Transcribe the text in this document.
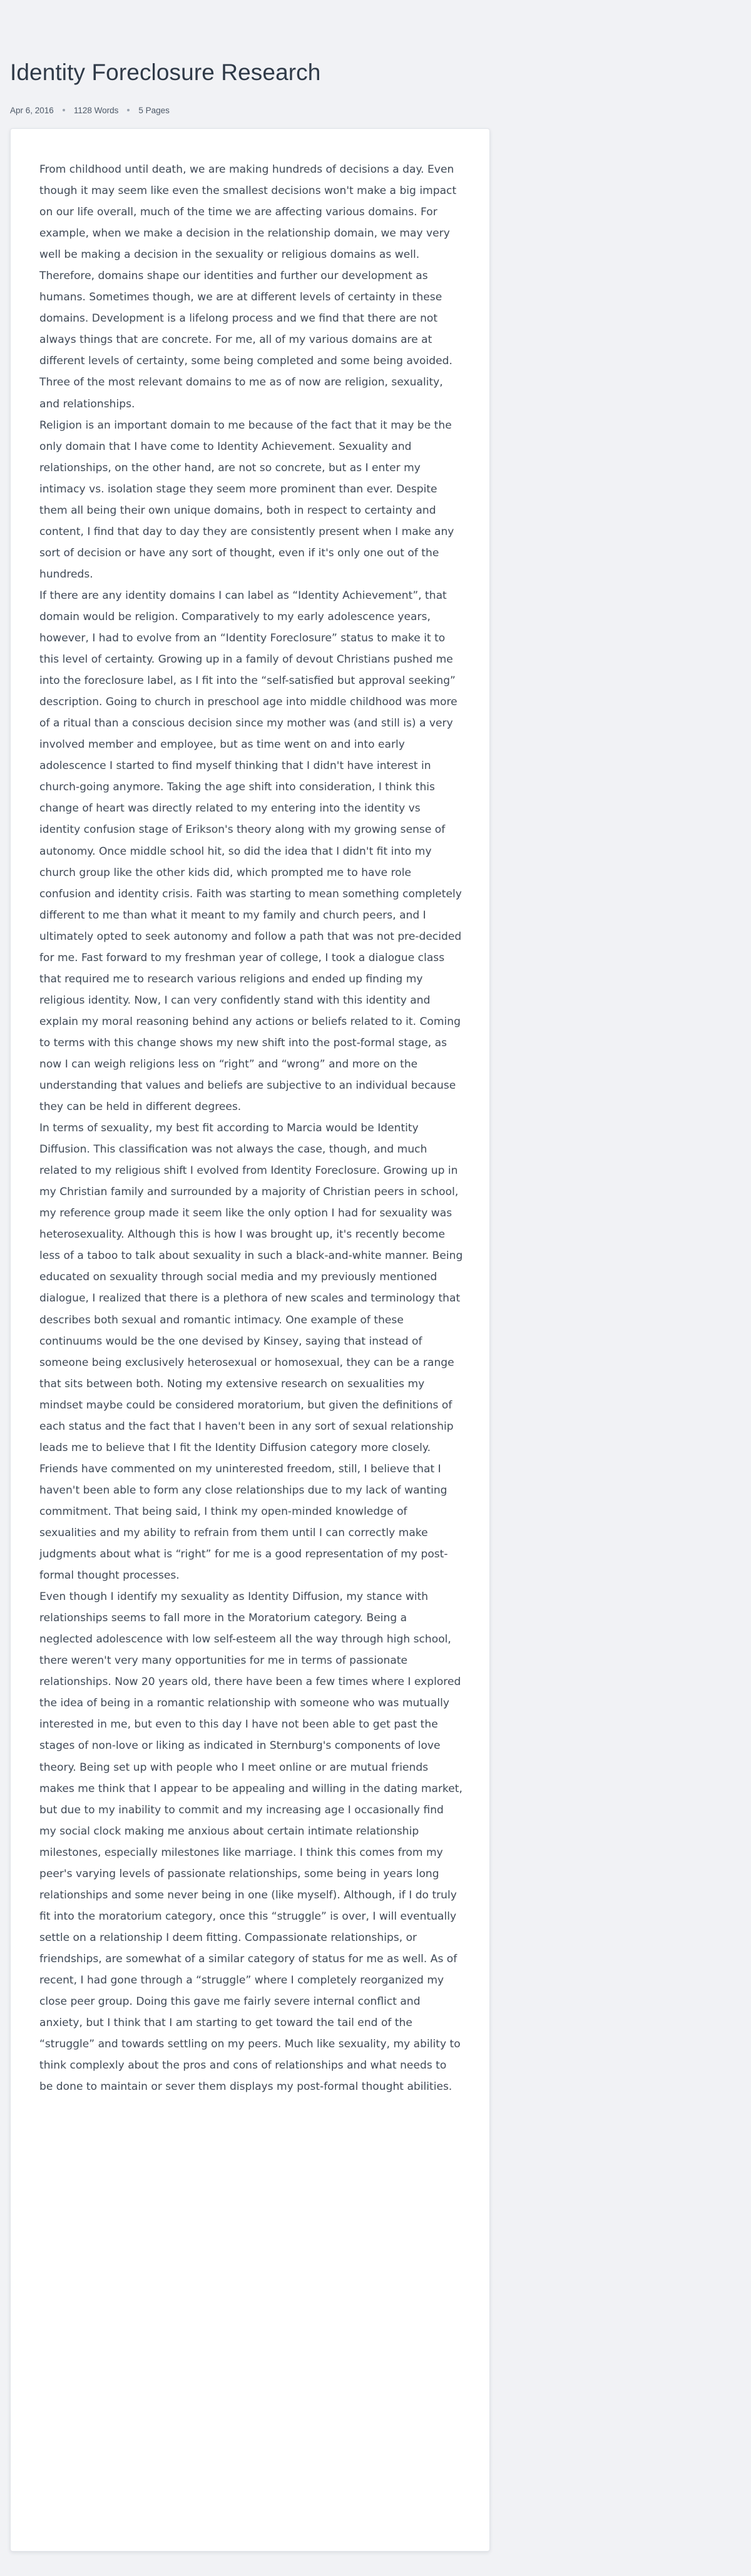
Identity Foreclosure Research
Apr 6, 2016 1128 Words 5 Pages

From childhood until death, we are making hundreds of decisions a day. Even though it may seem like even the smallest decisions won't make a big impact on our life overall, much of the time we are affecting various domains. For example, when we make a decision in the relationship domain, we may very well be making a decision in the sexuality or religious domains as well. Therefore, domains shape our identities and further our development as humans. Sometimes though, we are at different levels of certainty in these domains. Development is a lifelong process and we find that there are not always things that are concrete. For me, all of my various domains are at different levels of certainty, some being completed and some being avoided. Three of the most relevant domains to me as of now are religion, sexuality, and relationships.

Religion is an important domain to me because of the fact that it may be the only domain that I have come to Identity Achievement. Sexuality and relationships, on the other hand, are not so concrete, but as I enter my intimacy vs. isolation stage they seem more prominent than ever. Despite them all being their own unique domains, both in respect to certainty and content, I find that day to day they are consistently present when I make any sort of decision or have any sort of thought, even if it's only one out of the hundreds.

If there are any identity domains I can label as “Identity Achievement”, that domain would be religion. Comparatively to my early adolescence years, however, I had to evolve from an “Identity Foreclosure” status to make it to this level of certainty. Growing up in a family of devout Christians pushed me into the foreclosure label, as I fit into the “self-satisfied but approval seeking” description. Going to church in preschool age into middle childhood was more of a ritual than a conscious decision since my mother was (and still is) a very involved member and employee, but as time went on and into early adolescence I started to find myself thinking that I didn't have interest in church-going anymore. Taking the age shift into consideration, I think this change of heart was directly related to my entering into the identity vs identity confusion stage of Erikson's theory along with my growing sense of autonomy. Once middle school hit, so did the idea that I didn't fit into my church group like the other kids did, which prompted me to have role confusion and identity crisis. Faith was starting to mean something completely different to me than what it meant to my family and church peers, and I ultimately opted to seek autonomy and follow a path that was not pre-decided for me. Fast forward to my freshman year of college, I took a dialogue class that required me to research various religions and ended up finding my religious identity. Now, I can very confidently stand with this identity and explain my moral reasoning behind any actions or beliefs related to it. Coming to terms with this change shows my new shift into the post-formal stage, as now I can weigh religions less on “right” and “wrong” and more on the understanding that values and beliefs are subjective to an individual because they can be held in different degrees.

In terms of sexuality, my best fit according to Marcia would be Identity Diffusion. This classification was not always the case, though, and much related to my religious shift I evolved from Identity Foreclosure. Growing up in my Christian family and surrounded by a majority of Christian peers in school, my reference group made it seem like the only option I had for sexuality was heterosexuality. Although this is how I was brought up, it's recently become less of a taboo to talk about sexuality in such a black-and-white manner. Being educated on sexuality through social media and my previously mentioned dialogue, I realized that there is a plethora of new scales and terminology that describes both sexual and romantic intimacy. One example of these continuums would be the one devised by Kinsey, saying that instead of someone being exclusively heterosexual or homosexual, they can be a range that sits between both. Noting my extensive research on sexualities my mindset maybe could be considered moratorium, but given the definitions of each status and the fact that I haven't been in any sort of sexual relationship leads me to believe that I fit the Identity Diffusion category more closely. Friends have commented on my uninterested freedom, still, I believe that I haven't been able to form any close relationships due to my lack of wanting commitment. That being said, I think my open-minded knowledge of sexualities and my ability to refrain from them until I can correctly make judgments about what is “right” for me is a good representation of my post-formal thought processes.

Even though I identify my sexuality as Identity Diffusion, my stance with relationships seems to fall more in the Moratorium category. Being a neglected adolescence with low self-esteem all the way through high school, there weren't very many opportunities for me in terms of passionate relationships. Now 20 years old, there have been a few times where I explored the idea of being in a romantic relationship with someone who was mutually interested in me, but even to this day I have not been able to get past the stages of non-love or liking as indicated in Sternburg's components of love theory. Being set up with people who I meet online or are mutual friends makes me think that I appear to be appealing and willing in the dating market, but due to my inability to commit and my increasing age I occasionally find my social clock making me anxious about certain intimate relationship milestones, especially milestones like marriage. I think this comes from my peer's varying levels of passionate relationships, some being in years long relationships and some never being in one (like myself). Although, if I do truly fit into the moratorium category, once this “struggle” is over, I will eventually settle on a relationship I deem fitting. Compassionate relationships, or friendships, are somewhat of a similar category of status for me as well. As of recent, I had gone through a “struggle” where I completely reorganized my close peer group. Doing this gave me fairly severe internal conflict and anxiety, but I think that I am starting to get toward the tail end of the “struggle” and towards settling on my peers. Much like sexuality, my ability to think complexly about the pros and cons of relationships and what needs to be done to maintain or sever them displays my post-formal thought abilities.
